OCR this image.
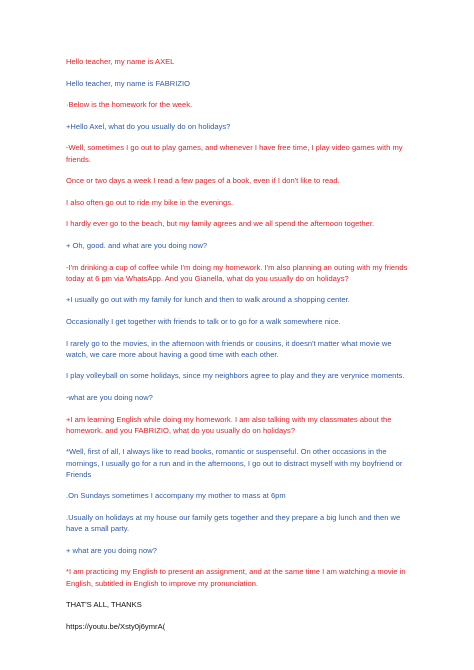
Hello teacher, my name is AXEL

Hello teacher, my name is FABRIZIO

·Below is the homework for the week.

+Hello Axel, what do you usually do on holidays?

-Well, sometimes I go out to play games, and whenever I have free time, I play video games with my friends.

Once or two days a week I read a few pages of a book, even if I don't like to read.

I also often go out to ride my bike in the evenings.

I hardly ever go to the beach, but my family agrees and we all spend the afternoon together.

+ Oh, good. and what are you doing now?

-I'm drinking a cup of coffee while I'm doing my homework. I'm also planning an outing with my friends today at 6 pm via WhatsApp. And you Gianella, what do you usually do on holidays?

+I usually go out with my family for lunch and then to walk around a shopping center.

Occasionally I get together with friends to talk or to go for a walk somewhere nice.

I rarely go to the movies, in the afternoon with friends or cousins, it doesn't matter what movie we watch, we care more about having a good time with each other.

I play volleyball on some holidays, since my neighbors agree to play and they are verynice moments.

-what are you doing now?

+I am learning English while doing my homework. I am also talking with my classmates about the homework. and you FABRIZIO, what do you usually do on holidays?

*Well, first of all, I always like to read books, romantic or suspenseful. On other occasions in the mornings, I usually go for a run and in the afternoons, I go out to distract myself with my boyfriend or Friends

.On Sundays sometimes I accompany my mother to mass at 6pm

.Usually on holidays at my house our family gets together and they prepare a big lunch and then we have a small party.

+ what are you doing now?

*I am practicing my English to present an assignment, and at the same time I am watching a movie in English, subtitled in English to improve my pronunciation.

THAT'S ALL, THANKS

https://youtu.be/Xsty0j6ymrA(
